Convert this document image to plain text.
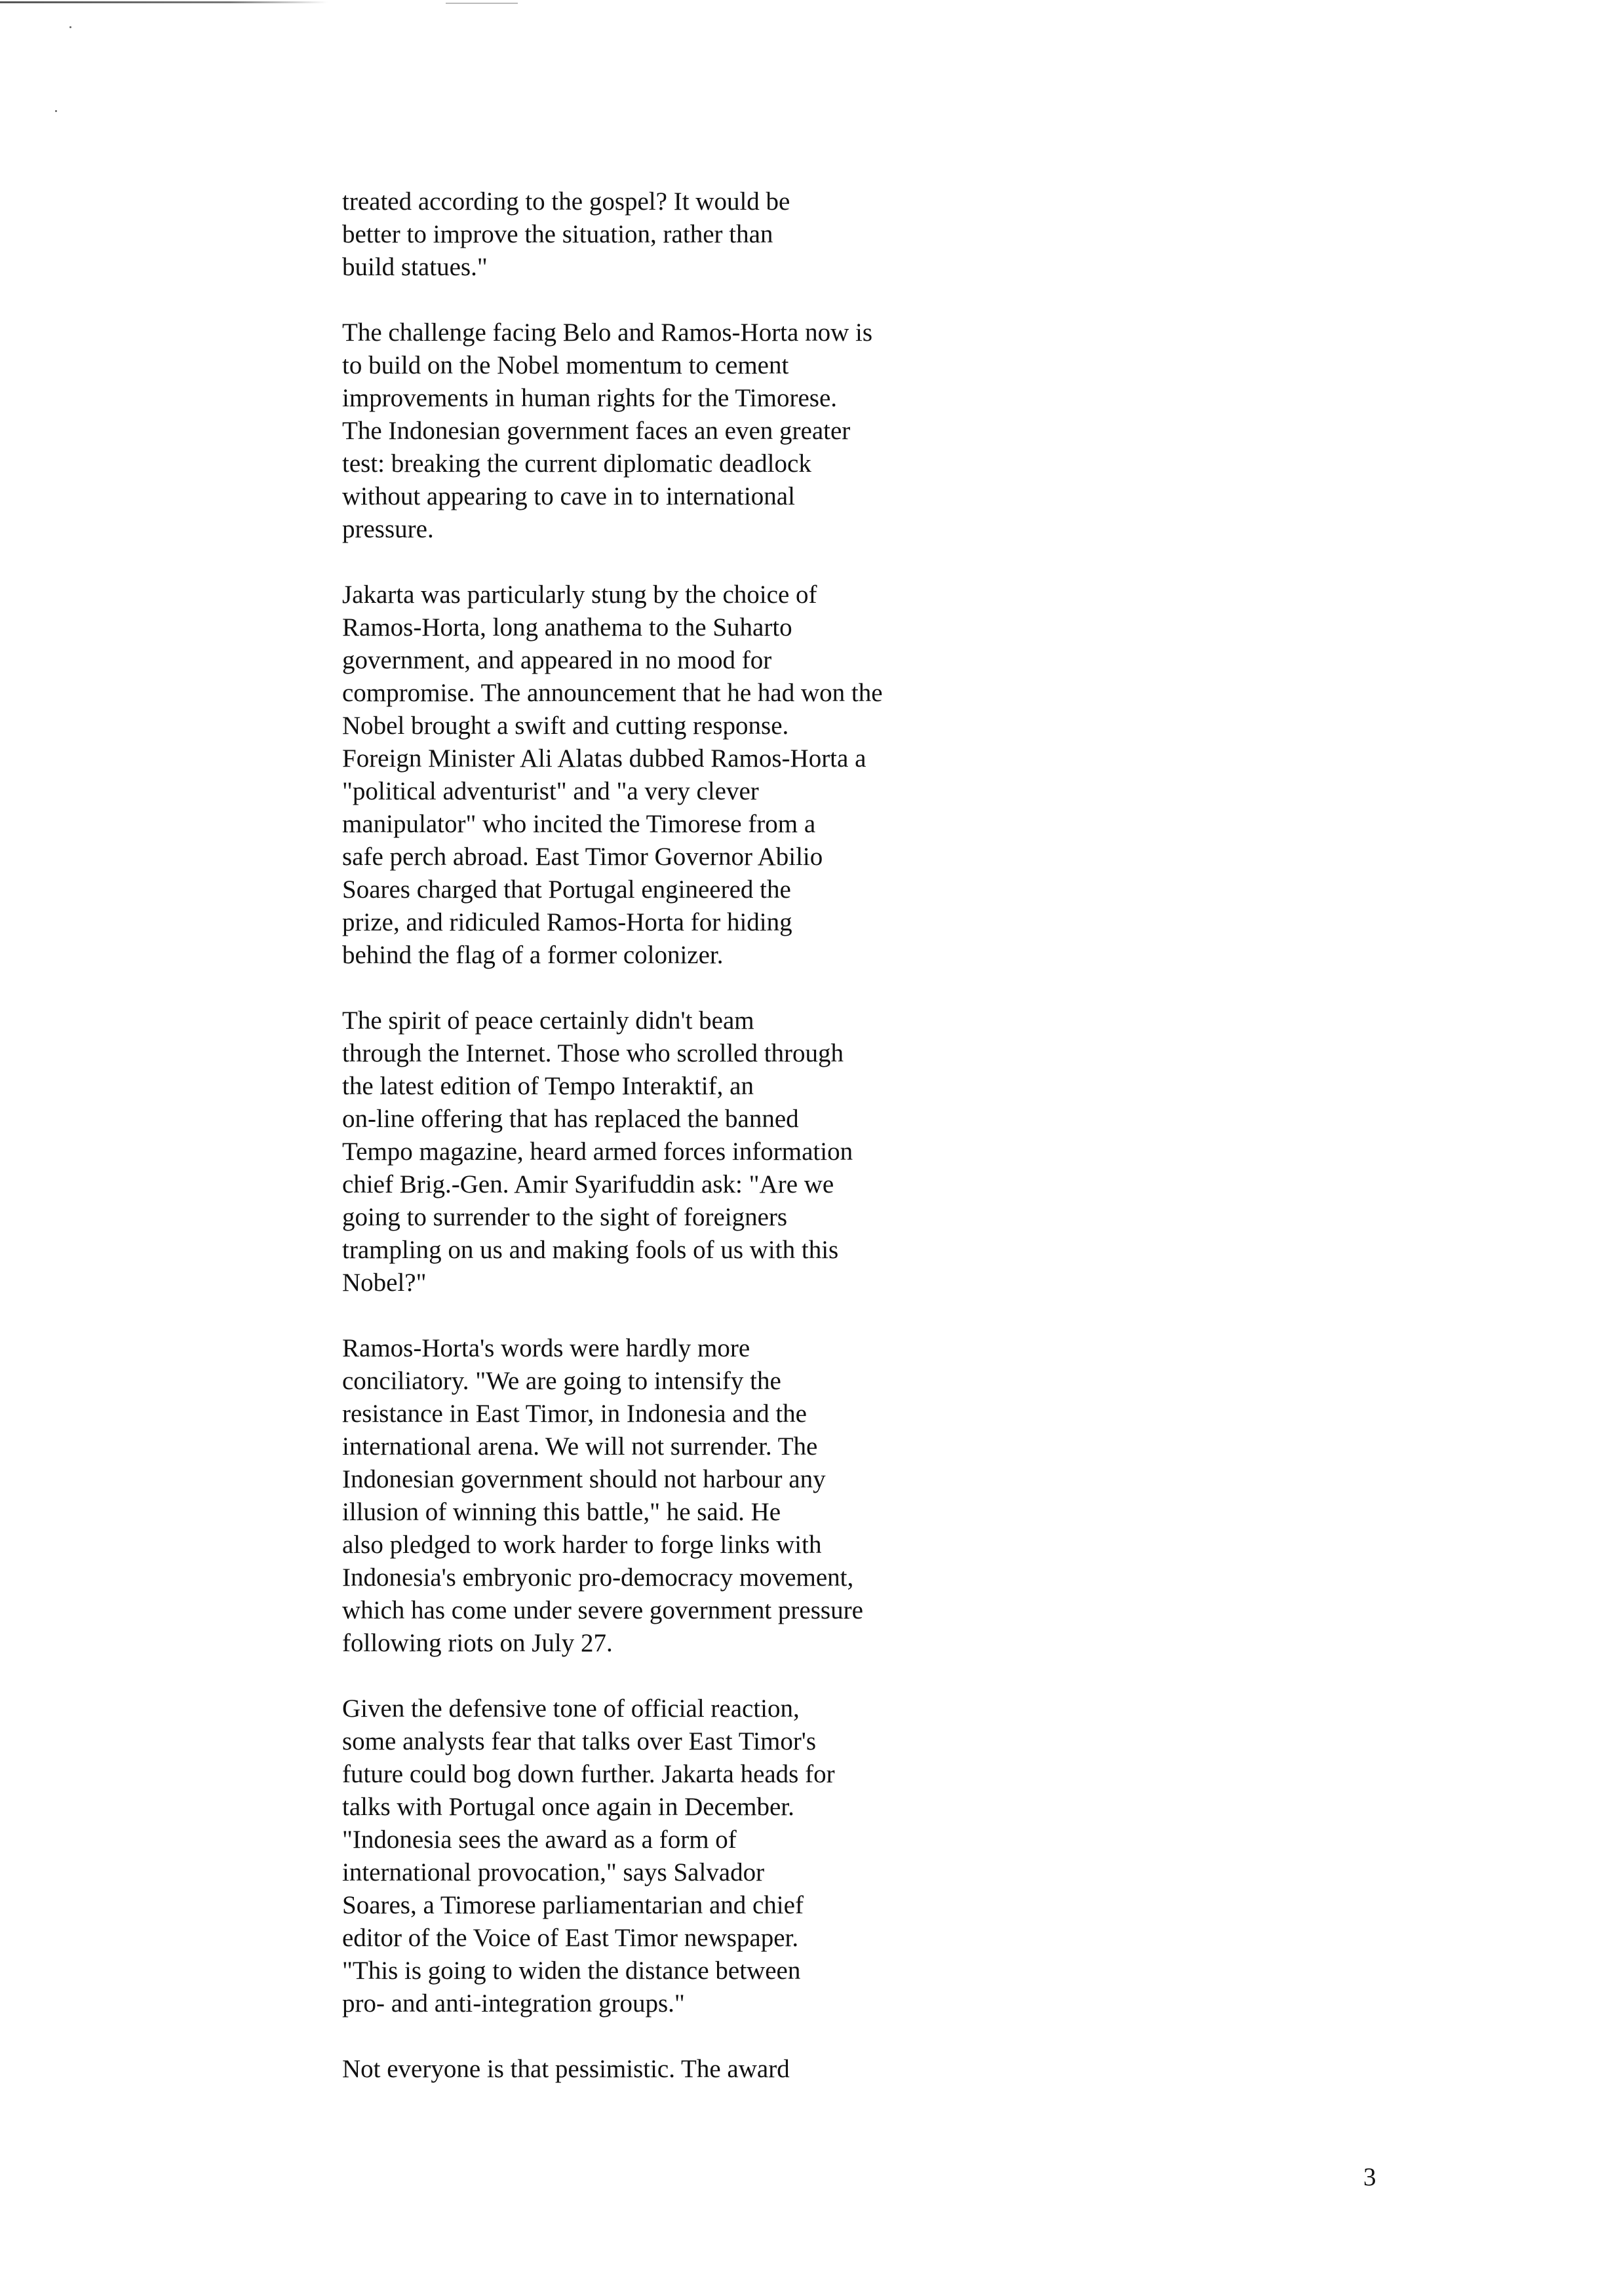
treated according to the gospel? It would be
better to improve the situation, rather than
build statues."

The challenge facing Belo and Ramos-Horta now is
to build on the Nobel momentum to cement
improvements in human rights for the Timorese.
The Indonesian government faces an even greater
test: breaking the current diplomatic deadlock
without appearing to cave in to international
pressure.

Jakarta was particularly stung by the choice of
Ramos-Horta, long anathema to the Suharto
government, and appeared in no mood for
compromise. The announcement that he had won the
Nobel brought a swift and cutting response.
Foreign Minister Ali Alatas dubbed Ramos-Horta a
"political adventurist" and "a very clever
manipulator" who incited the Timorese from a
safe perch abroad. East Timor Governor Abilio
Soares charged that Portugal engineered the
prize, and ridiculed Ramos-Horta for hiding
behind the flag of a former colonizer.

The spirit of peace certainly didn't beam
through the Internet. Those who scrolled through
the latest edition of Tempo Interaktif, an
on-line offering that has replaced the banned
Tempo magazine, heard armed forces information
chief Brig.-Gen. Amir Syarifuddin ask: "Are we
going to surrender to the sight of foreigners
trampling on us and making fools of us with this
Nobel?"

Ramos-Horta's words were hardly more
conciliatory. "We are going to intensify the
resistance in East Timor, in Indonesia and the
international arena. We will not surrender. The
Indonesian government should not harbour any
illusion of winning this battle," he said. He
also pledged to work harder to forge links with
Indonesia's embryonic pro-democracy movement,
which has come under severe government pressure
following riots on July 27.

Given the defensive tone of official reaction,
some analysts fear that talks over East Timor's
future could bog down further. Jakarta heads for
talks with Portugal once again in December.
"Indonesia sees the award as a form of
international provocation," says Salvador
Soares, a Timorese parliamentarian and chief
editor of the Voice of East Timor newspaper.
"This is going to widen the distance between
pro- and anti-integration groups."

Not everyone is that pessimistic. The award

3
